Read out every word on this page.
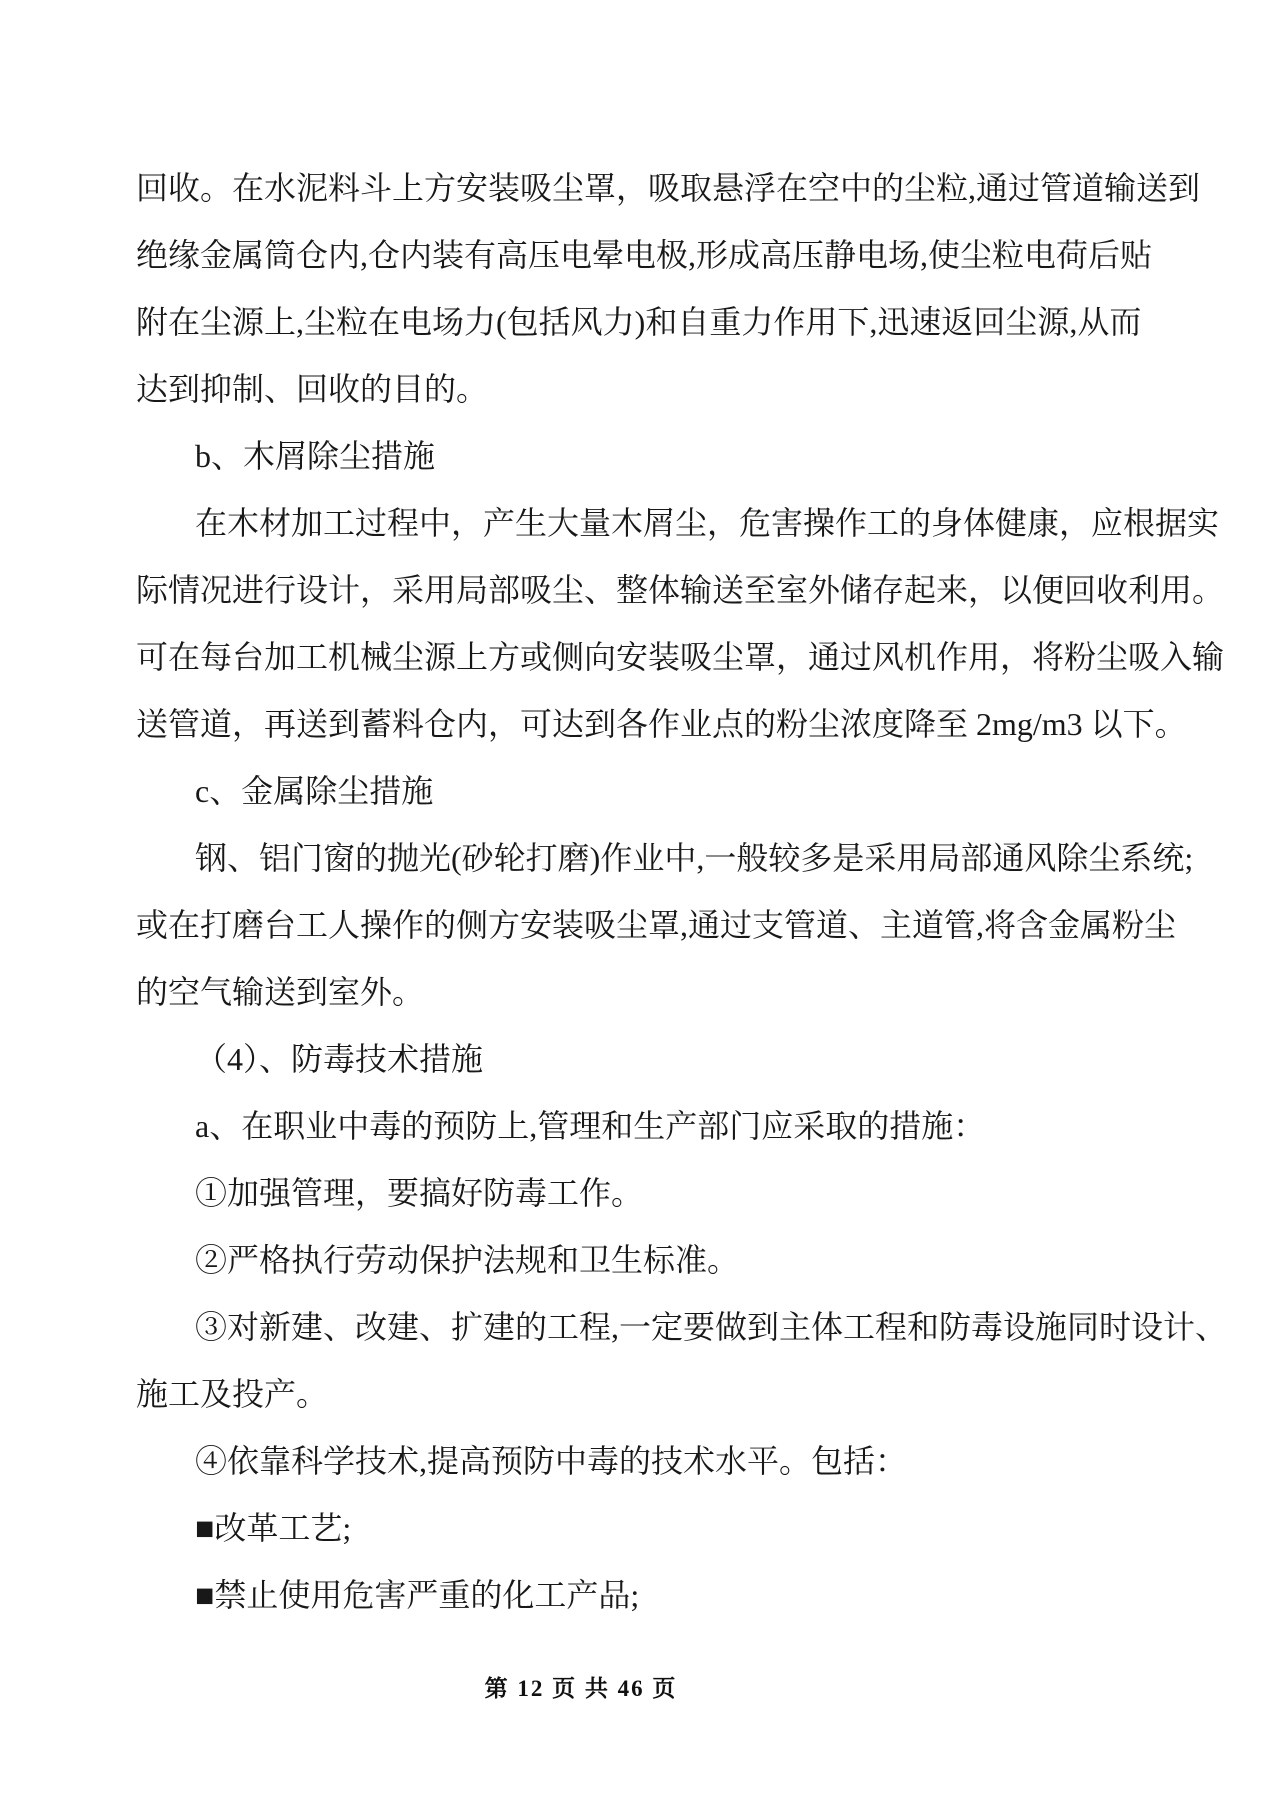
回收。在水泥料斗上方安装吸尘罩，吸取悬浮在空中的尘粒,通过管道输送到

绝缘金属筒仓内,仓内装有高压电晕电极,形成高压静电场,使尘粒电荷后贴

附在尘源上,尘粒在电场力(包括风力)和自重力作用下,迅速返回尘源,从而

达到抑制、回收的目的。

b、木屑除尘措施

在木材加工过程中，产生大量木屑尘，危害操作工的身体健康，应根据实

际情况进行设计，采用局部吸尘、整体输送至室外储存起来，以便回收利用。

可在每台加工机械尘源上方或侧向安装吸尘罩，通过风机作用，将粉尘吸入输

送管道，再送到蓄料仓内，可达到各作业点的粉尘浓度降至 2mg/m3 以下。

c、金属除尘措施

钢、铝门窗的抛光(砂轮打磨)作业中,一般较多是采用局部通风除尘系统;

或在打磨台工人操作的侧方安装吸尘罩,通过支管道、主道管,将含金属粉尘

的空气输送到室外。

（4）、防毒技术措施

a、在职业中毒的预防上,管理和生产部门应采取的措施：

①加强管理，要搞好防毒工作。

②严格执行劳动保护法规和卫生标准。

③对新建、改建、扩建的工程,一定要做到主体工程和防毒设施同时设计、

施工及投产。

④依靠科学技术,提高预防中毒的技术水平。包括：

■改革工艺;

■禁止使用危害严重的化工产品;

第 12 页 共 46 页
